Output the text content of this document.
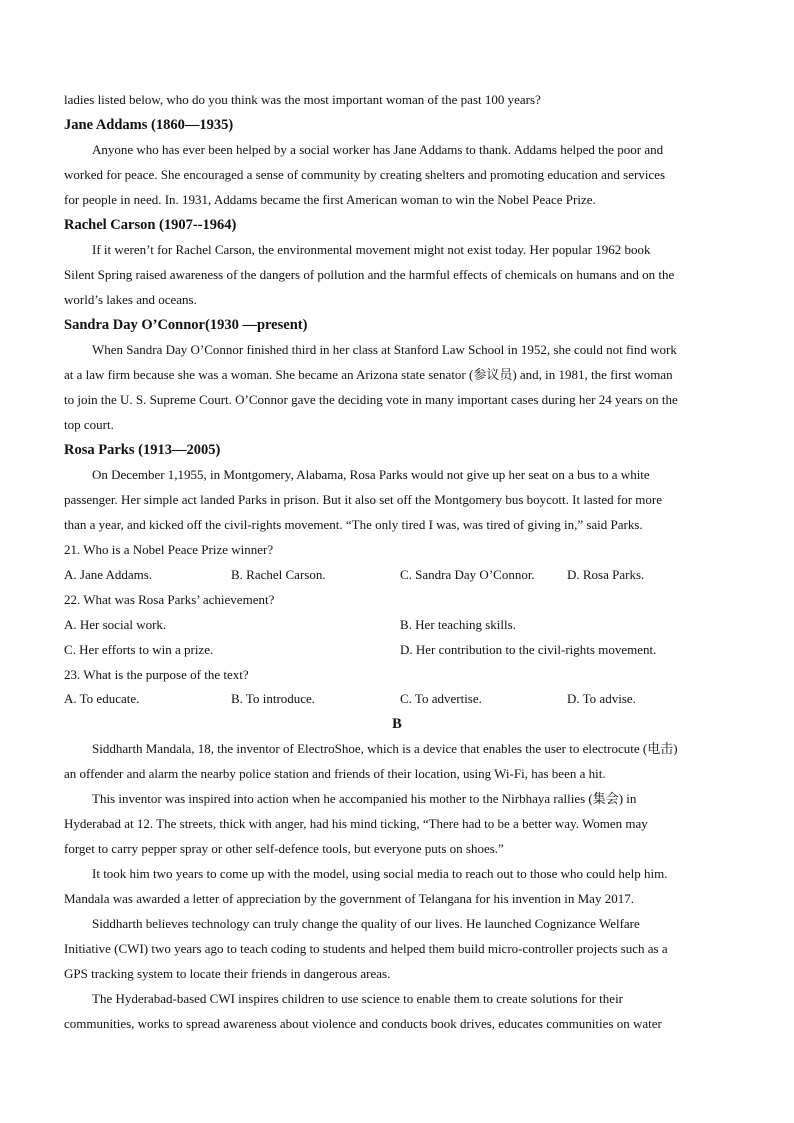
ladies listed below, who do you think was the most important woman of the past 100 years?
Jane Addams (1860—1935)
Anyone who has ever been helped by a social worker has Jane Addams to thank. Addams helped the poor and
worked for peace. She encouraged a sense of community by creating shelters and promoting education and services
for people in need. In. 1931, Addams became the first American woman to win the Nobel Peace Prize.
Rachel Carson (1907--1964)
If it weren’t for Rachel Carson, the environmental movement might not exist today. Her popular 1962 book
Silent Spring raised awareness of the dangers of pollution and the harmful effects of chemicals on humans and on the
world’s lakes and oceans.
Sandra Day O’Connor(1930 —present)
When Sandra Day O’Connor finished third in her class at Stanford Law School in 1952, she could not find work
at a law firm because she was a woman. She became an Arizona state senator (参议员) and, in 1981, the first woman
to join the U. S. Supreme Court. O’Connor gave the deciding vote in many important cases during her 24 years on the
top court.
Rosa Parks (1913—2005)
On December 1,1955, in Montgomery, Alabama, Rosa Parks would not give up her seat on a bus to a white
passenger. Her simple act landed Parks in prison. But it also set off the Montgomery bus boycott. It lasted for more
than a year, and kicked off the civil-rights movement. “The only tired I was, was tired of giving in,” said Parks.
21. Who is a Nobel Peace Prize winner?
A. Jane Addams.	B. Rachel Carson.	C. Sandra Day O’Connor. D. Rosa Parks.
22. What was Rosa Parks’ achievement?
A. Her social work.	B. Her teaching skills.
C. Her efforts to win a prize.	D. Her contribution to the civil-rights movement.
23. What is the purpose of the text?
A. To educate.	B. To introduce.	C. To advertise.	D. To advise.
B
Siddharth Mandala, 18, the inventor of ElectroShoe, which is a device that enables the user to electrocute (电击)
an offender and alarm the nearby police station and friends of their location, using Wi-Fi, has been a hit.
This inventor was inspired into action when he accompanied his mother to the Nirbhaya rallies (集会) in
Hyderabad at 12. The streets, thick with anger, had his mind ticking, “There had to be a better way. Women may
forget to carry pepper spray or other self-defence tools, but everyone puts on shoes.”
It took him two years to come up with the model, using social media to reach out to those who could help him.
Mandala was awarded a letter of appreciation by the government of Telangana for his invention in May 2017.
Siddharth believes technology can truly change the quality of our lives. He launched Cognizance Welfare
Initiative (CWI) two years ago to teach coding to students and helped them build micro-controller projects such as a
GPS tracking system to locate their friends in dangerous areas.
The Hyderabad-based CWI inspires children to use science to enable them to create solutions for their
communities, works to spread awareness about violence and conducts book drives, educates communities on water
